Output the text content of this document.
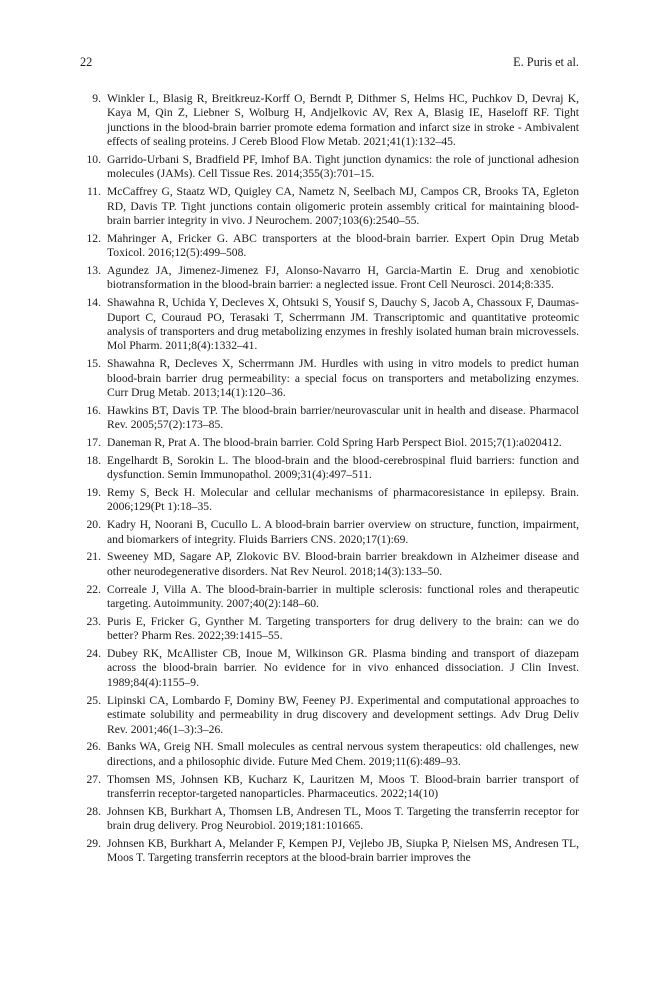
22	E. Puris et al.
9. Winkler L, Blasig R, Breitkreuz-Korff O, Berndt P, Dithmer S, Helms HC, Puchkov D, Devraj K, Kaya M, Qin Z, Liebner S, Wolburg H, Andjelkovic AV, Rex A, Blasig IE, Haseloff RF. Tight junctions in the blood-brain barrier promote edema formation and infarct size in stroke - Ambivalent effects of sealing proteins. J Cereb Blood Flow Metab. 2021;41(1):132–45.
10. Garrido-Urbani S, Bradfield PF, Imhof BA. Tight junction dynamics: the role of junctional adhesion molecules (JAMs). Cell Tissue Res. 2014;355(3):701–15.
11. McCaffrey G, Staatz WD, Quigley CA, Nametz N, Seelbach MJ, Campos CR, Brooks TA, Egleton RD, Davis TP. Tight junctions contain oligomeric protein assembly critical for maintaining blood-brain barrier integrity in vivo. J Neurochem. 2007;103(6):2540–55.
12. Mahringer A, Fricker G. ABC transporters at the blood-brain barrier. Expert Opin Drug Metab Toxicol. 2016;12(5):499–508.
13. Agundez JA, Jimenez-Jimenez FJ, Alonso-Navarro H, Garcia-Martin E. Drug and xenobiotic biotransformation in the blood-brain barrier: a neglected issue. Front Cell Neurosci. 2014;8:335.
14. Shawahna R, Uchida Y, Decleves X, Ohtsuki S, Yousif S, Dauchy S, Jacob A, Chassoux F, Daumas-Duport C, Couraud PO, Terasaki T, Scherrmann JM. Transcriptomic and quantitative proteomic analysis of transporters and drug metabolizing enzymes in freshly isolated human brain microvessels. Mol Pharm. 2011;8(4):1332–41.
15. Shawahna R, Decleves X, Scherrmann JM. Hurdles with using in vitro models to predict human blood-brain barrier drug permeability: a special focus on transporters and metabolizing enzymes. Curr Drug Metab. 2013;14(1):120–36.
16. Hawkins BT, Davis TP. The blood-brain barrier/neurovascular unit in health and disease. Pharmacol Rev. 2005;57(2):173–85.
17. Daneman R, Prat A. The blood-brain barrier. Cold Spring Harb Perspect Biol. 2015;7(1):a020412.
18. Engelhardt B, Sorokin L. The blood-brain and the blood-cerebrospinal fluid barriers: function and dysfunction. Semin Immunopathol. 2009;31(4):497–511.
19. Remy S, Beck H. Molecular and cellular mechanisms of pharmacoresistance in epilepsy. Brain. 2006;129(Pt 1):18–35.
20. Kadry H, Noorani B, Cucullo L. A blood-brain barrier overview on structure, function, impairment, and biomarkers of integrity. Fluids Barriers CNS. 2020;17(1):69.
21. Sweeney MD, Sagare AP, Zlokovic BV. Blood-brain barrier breakdown in Alzheimer disease and other neurodegenerative disorders. Nat Rev Neurol. 2018;14(3):133–50.
22. Correale J, Villa A. The blood-brain-barrier in multiple sclerosis: functional roles and therapeutic targeting. Autoimmunity. 2007;40(2):148–60.
23. Puris E, Fricker G, Gynther M. Targeting transporters for drug delivery to the brain: can we do better? Pharm Res. 2022;39:1415–55.
24. Dubey RK, McAllister CB, Inoue M, Wilkinson GR. Plasma binding and transport of diazepam across the blood-brain barrier. No evidence for in vivo enhanced dissociation. J Clin Invest. 1989;84(4):1155–9.
25. Lipinski CA, Lombardo F, Dominy BW, Feeney PJ. Experimental and computational approaches to estimate solubility and permeability in drug discovery and development settings. Adv Drug Deliv Rev. 2001;46(1–3):3–26.
26. Banks WA, Greig NH. Small molecules as central nervous system therapeutics: old challenges, new directions, and a philosophic divide. Future Med Chem. 2019;11(6):489–93.
27. Thomsen MS, Johnsen KB, Kucharz K, Lauritzen M, Moos T. Blood-brain barrier transport of transferrin receptor-targeted nanoparticles. Pharmaceutics. 2022;14(10)
28. Johnsen KB, Burkhart A, Thomsen LB, Andresen TL, Moos T. Targeting the transferrin receptor for brain drug delivery. Prog Neurobiol. 2019;181:101665.
29. Johnsen KB, Burkhart A, Melander F, Kempen PJ, Vejlebo JB, Siupka P, Nielsen MS, Andresen TL, Moos T. Targeting transferrin receptors at the blood-brain barrier improves the
